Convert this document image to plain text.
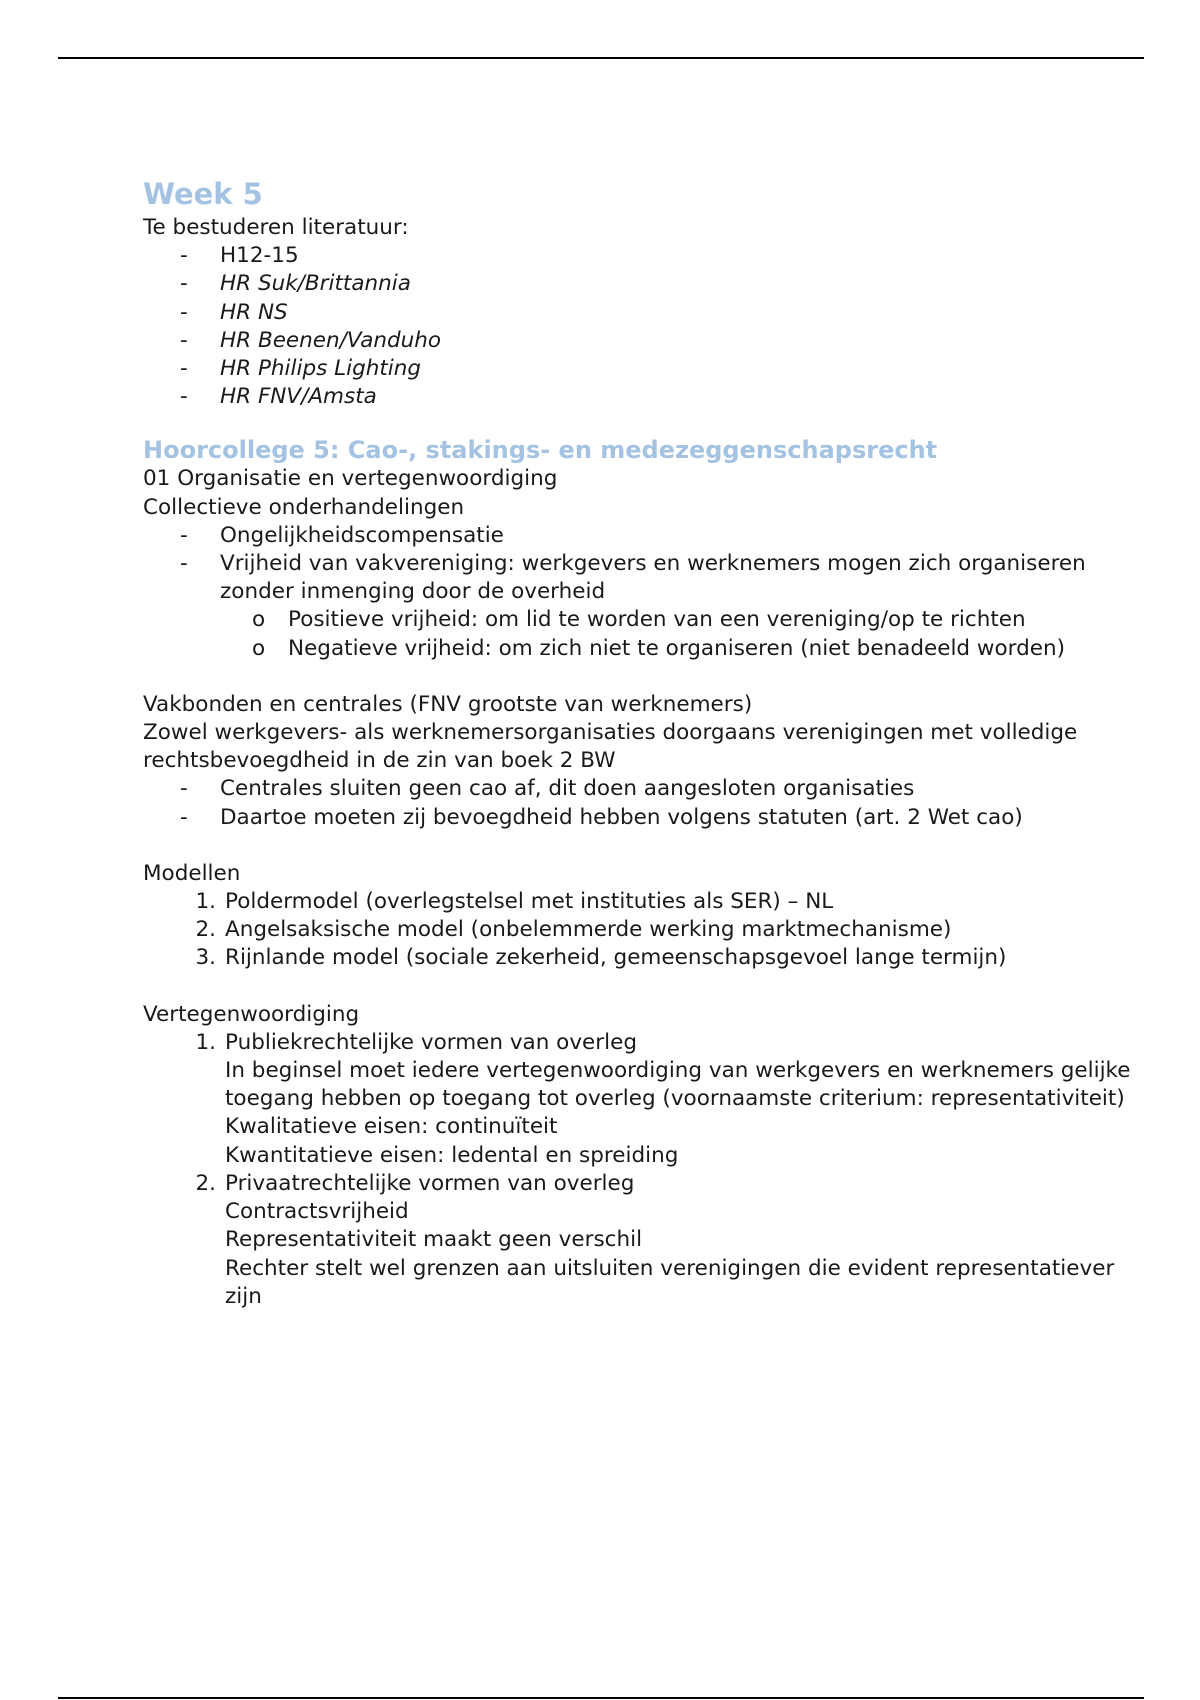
Week 5

Te bestuderen literatuur:

-	H12-15
-	HR Suk/Brittannia
-	HR NS
-	HR Beenen/Vanduho
-	HR Philips Lighting
-	HR FNV/Amsta
Hoorcollege 5: Cao-, stakings- en medezeggenschapsrecht

01 Organisatie en vertegenwoordiging

Collectieve onderhandelingen

-	Ongelijkheidscompensatie
-	Vrijheid van vakvereniging: werkgevers en werknemers mogen zich organiseren zonder inmenging door de overheid
o	Positieve vrijheid: om lid te worden van een vereniging/op te richten
o	Negatieve vrijheid: om zich niet te organiseren (niet benadeeld worden)

Vakbonden en centrales (FNV grootste van werknemers)

Zowel werkgevers- als werknemersorganisaties doorgaans verenigingen met volledige rechtsbevoegdheid in de zin van boek 2 BW

-	Centrales sluiten geen cao af, dit doen aangesloten organisaties
-	Daartoe moeten zij bevoegdheid hebben volgens statuten (art. 2 Wet cao)

Modellen

1. Poldermodel (overlegstelsel met instituties als SER) – NL
2. Angelsaksische model (onbelemmerde werking marktmechanisme)
3. Rijnlande model (sociale zekerheid, gemeenschapsgevoel lange termijn)

Vertegenwoordiging

1. Publiekrechtelijke vormen van overleg

In beginsel moet iedere vertegenwoordiging van werkgevers en werknemers gelijke toegang hebben op toegang tot overleg (voornaamste criterium: representativiteit)

Kwalitatieve eisen: continuïteit

Kwantitatieve eisen: ledental en spreiding

2. Privaatrechtelijke vormen van overleg

Contractsvrijheid

Representativiteit maakt geen verschil

Rechter stelt wel grenzen aan uitsluiten verenigingen die evident representatiever zijn
